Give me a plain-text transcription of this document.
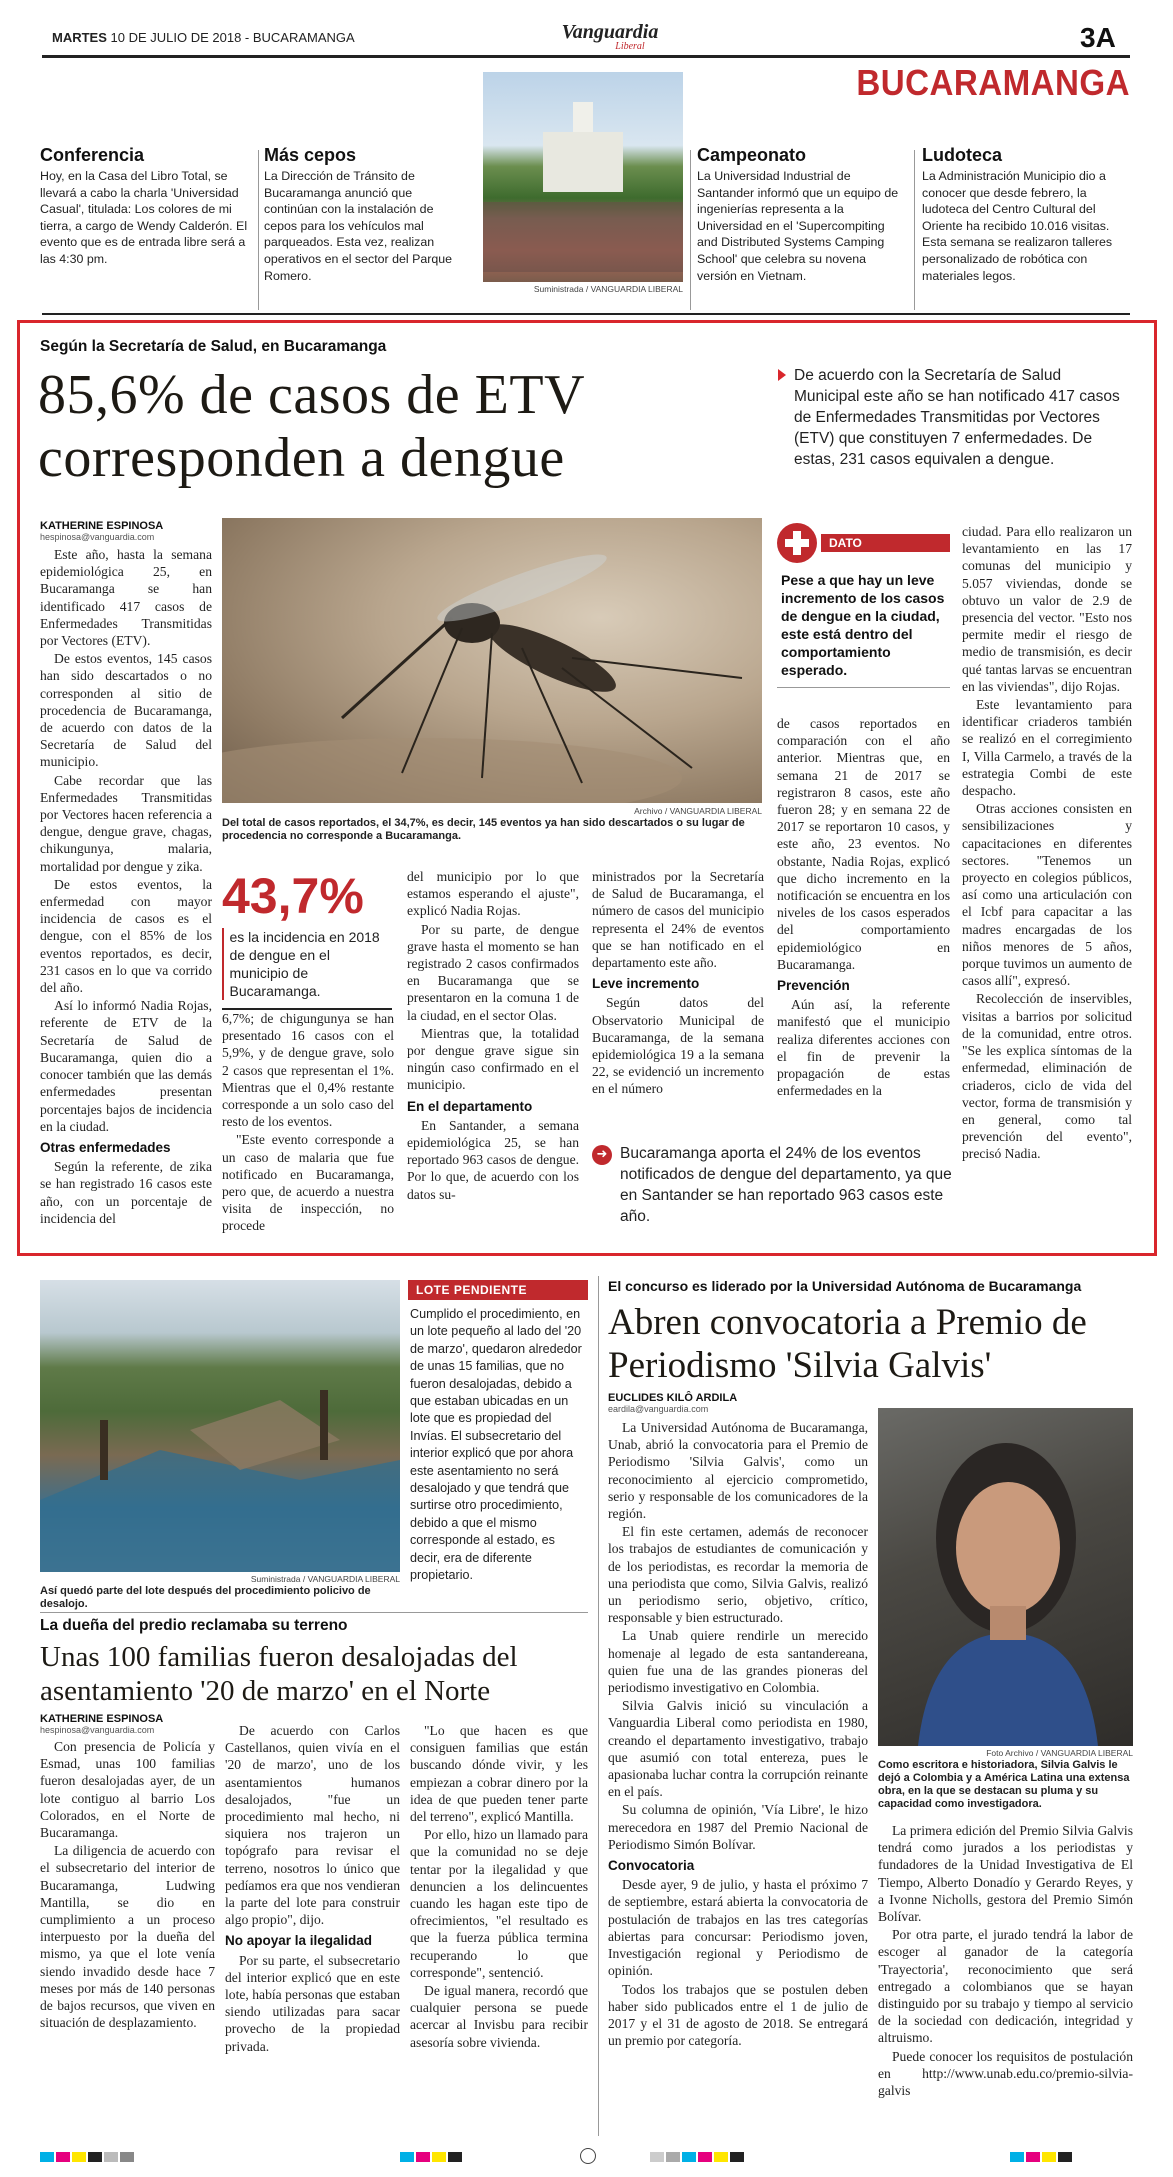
MARTES 10 DE JULIO DE 2018 - BUCARAMANGA	Vanguardia
Liberal	3A
BUCARAMANGA
Conferencia
Hoy, en la Casa del Libro Total, se llevará a cabo la charla 'Universidad Casual', titulada: Los colores de mi tierra, a cargo de Wendy Calderón. El evento que es de entrada libre será a las 4:30 pm.
Más cepos
La Dirección de Tránsito de Bucaramanga anunció que continúan con la instalación de cepos para los vehículos mal parqueados. Esta vez, realizan operativos en el sector del Parque Romero.
Suministrada / VANGUARDIA LIBERAL
Campeonato
La Universidad Industrial de Santander informó que un equipo de ingenierías representa a la Universidad en el 'Supercompiting and Distributed Systems Camping School' que celebra su novena versión en Vietnam.
Ludoteca
La Administración Municipio dio a conocer que desde febrero, la ludoteca del Centro Cultural del Oriente ha recibido 10.016 visitas. Esta semana se realizaron talleres personalizado de robótica con materiales legos.
Según la Secretaría de Salud, en Bucaramanga
85,6% de casos de ETV corresponden a dengue
De acuerdo con la Secretaría de Salud Municipal este año se han notificado 417 casos de Enfermedades Transmitidas por Vectores (ETV) que constituyen 7 enfermedades. De estas, 231 casos equivalen a dengue.
Archivo / VANGUARDIA LIBERAL
Del total de casos reportados, el 34,7%, es decir, 145 eventos ya han sido descartados o su lugar de procedencia no corresponde a Bucaramanga.
KATHERINE ESPINOSA
hespinosa@vanguardia.com

Este año, hasta la semana epidemiológica 25, en Bucaramanga se han identificado 417 casos de Enfermedades Transmitidas por Vectores (ETV).

De estos eventos, 145 casos han sido descartados o no corresponden al sitio de procedencia de Bucaramanga, de acuerdo con datos de la Secretaría de Salud del municipio.

Cabe recordar que las Enfermedades Transmitidas por Vectores hacen referencia a dengue, dengue grave, chagas, chikungunya, malaria, mortalidad por dengue y zika.

De estos eventos, la enfermedad con mayor incidencia de casos es el dengue, con el 85% de los eventos reportados, es decir, 231 casos en lo que va corrido del año.

Así lo informó Nadia Rojas, referente de ETV de la Secretaría de Salud de Bucaramanga, quien dio a conocer también que las demás enfermedades presentan porcentajes bajos de incidencia en la ciudad.

Otras enfermedades

Según la referente, de zika se han registrado 16 casos este año, con un porcentaje de incidencia del

43,7%
es la incidencia en 2018 de dengue en el municipio de Bucaramanga.

6,7%; de chigungunya se han presentado 16 casos con el 5,9%, y de dengue grave, solo 2 casos que representan el 1%. Mientras que el 0,4% restante corresponde a un solo caso del resto de los eventos.

"Este evento corresponde a un caso de malaria que fue notificado en Bucaramanga, pero que, de acuerdo a nuestra visita de inspección, no procede

del municipio por lo que estamos esperando el ajuste", explicó Nadia Rojas.

Por su parte, de dengue grave hasta el momento se han registrado 2 casos confirmados en Bucaramanga que se presentaron en la comuna 1 de la ciudad, en el sector Olas.

Mientras que, la totalidad por dengue grave sigue sin ningún caso confirmado en el municipio.

En el departamento

En Santander, a semana epidemiológica 25, se han reportado 963 casos de dengue. Por lo que, de acuerdo con los datos su-

ministrados por la Secretaría de Salud de Bucaramanga, el número de casos del municipio representa el 24% de eventos que se han notificado en el departamento este año.

Leve incremento

Según datos del Observatorio Municipal de Bucaramanga, de la semana epidemiológica 19 a la semana 22, se evidenció un incremento en el número

DATO
Pese a que hay un leve incremento de los casos de dengue en la ciudad, este está dentro del comportamiento esperado.

de casos reportados en comparación con el año anterior. Mientras que, en semana 21 de 2017 se registraron 8 casos, este año fueron 28; y en semana 22 de 2017 se reportaron 10 casos, y este año, 23 eventos. No obstante, Nadia Rojas, explicó que dicho incremento en la notificación se encuentra en los niveles de los casos esperados del comportamiento epidemiológico en Bucaramanga.

Prevención

Aún así, la referente manifestó que el municipio realiza diferentes acciones con el fin de prevenir la propagación de estas enfermedades en la

ciudad. Para ello realizaron un levantamiento en las 17 comunas del municipio y 5.057 viviendas, donde se obtuvo un valor de 2.9 de presencia del vector. "Esto nos permite medir el riesgo de medio de transmisión, es decir qué tantas larvas se encuentran en las viviendas", dijo Rojas.

Este levantamiento para identificar criaderos también se realizó en el corregimiento I, Villa Carmelo, a través de la estrategia Combi de este despacho.

Otras acciones consisten en sensibilizaciones y capacitaciones en diferentes sectores. "Tenemos un proyecto en colegios públicos, así como una articulación con el Icbf para capacitar a las madres encargadas de los niños menores de 5 años, porque tuvimos un aumento de casos allí", expresó.

Recolección de inservibles, visitas a barrios por solicitud de la comunidad, entre otros. "Se les explica síntomas de la enfermedad, eliminación de criaderos, ciclo de vida del vector, forma de transmisión y en general, como tal prevención del evento", precisó Nadia.

➜ Bucaramanga aporta el 24% de los eventos notificados de dengue del departamento, ya que en Santander se han reportado 963 casos este año.
Suministrada / VANGUARDIA LIBERAL
Así quedó parte del lote después del procedimiento policivo de desalojo.
LOTE PENDIENTE
Cumplido el procedimiento, en un lote pequeño al lado del '20 de marzo', quedaron alrededor de unas 15 familias, que no fueron desalojadas, debido a que estaban ubicadas en un lote que es propiedad del Invías. El subsecretario del interior explicó que por ahora este asentamiento no será desalojado y que tendrá que surtirse otro procedimiento, debido a que el mismo corresponde al estado, es decir, era de diferente propietario.
La dueña del predio reclamaba su terreno
Unas 100 familias fueron desalojadas del asentamiento '20 de marzo' en el Norte
KATHERINE ESPINOSA
hespinosa@vanguardia.com

Con presencia de Policía y Esmad, unas 100 familias fueron desalojadas ayer, de un lote contiguo al barrio Los Colorados, en el Norte de Bucaramanga.

La diligencia de acuerdo con el subsecretario del interior de Bucaramanga, Ludwing Mantilla, se dio en cumplimiento a un proceso interpuesto por la dueña del mismo, ya que el lote venía siendo invadido desde hace 7 meses por más de 140 personas de bajos recursos, que viven en situación de desplazamiento.

De acuerdo con Carlos Castellanos, quien vivía en el '20 de marzo', uno de los asentamientos humanos desalojados, "fue un procedimiento mal hecho, ni siquiera nos trajeron un topógrafo para revisar el terreno, nosotros lo único que pedíamos era que nos vendieran la parte del lote para construir algo propio", dijo.

No apoyar la ilegalidad

Por su parte, el subsecretario del interior explicó que en este lote, había personas que estaban siendo utilizadas para sacar provecho de la propiedad privada.

"Lo que hacen es que consiguen familias que están buscando dónde vivir, y les empiezan a cobrar dinero por la idea de que pueden tener parte del terreno", explicó Mantilla.

Por ello, hizo un llamado para que la comunidad no se deje tentar por la ilegalidad y que denuncien a los delincuentes cuando les hagan este tipo de ofrecimientos, "el resultado es que la fuerza pública termina recuperando lo que corresponde", sentenció.

De igual manera, recordó que cualquier persona se puede acercar al Invisbu para recibir asesoría sobre vivienda.

El concurso es liderado por la Universidad Autónoma de Bucaramanga
Abren convocatoria a Premio de Periodismo 'Silvia Galvis'
EUCLIDES KILÔ ARDILA
eardila@vanguardia.com

La Universidad Autónoma de Bucaramanga, Unab, abrió la convocatoria para el Premio de Periodismo 'Silvia Galvis', como un reconocimiento al ejercicio comprometido, serio y responsable de los comunicadores de la región.

El fin este certamen, además de reconocer los trabajos de estudiantes de comunicación y de los periodistas, es recordar la memoria de una periodista que como, Silvia Galvis, realizó un periodismo serio, objetivo, crítico, responsable y bien estructurado.

La Unab quiere rendirle un merecido homenaje al legado de esta santandereana, quien fue una de las grandes pioneras del periodismo investigativo en Colombia.

Silvia Galvis inició su vinculación a Vanguardia Liberal como periodista en 1980, creando el departamento investigativo, trabajo que asumió con total entereza, pues le apasionaba luchar contra la corrupción reinante en el país.

Su columna de opinión, 'Vía Libre', le hizo merecedora en 1987 del Premio Nacional de Periodismo Simón Bolívar.

Convocatoria

Desde ayer, 9 de julio, y hasta el próximo 7 de septiembre, estará abierta la convocatoria de postulación de trabajos en las tres categorías abiertas para concursar: Periodismo joven, Investigación regional y Periodismo de opinión.

Todos los trabajos que se postulen deben haber sido publicados entre el 1 de julio de 2017 y el 31 de agosto de 2018. Se entregará un premio por categoría.

Foto Archivo / VANGUARDIA LIBERAL
Como escritora e historiadora, Silvia Galvis le dejó a Colombia y a América Latina una extensa obra, en la que se destacan su pluma y su capacidad como investigadora.

La primera edición del Premio Silvia Galvis tendrá como jurados a los periodistas y fundadores de la Unidad Investigativa de El Tiempo, Alberto Donadío y Gerardo Reyes, y a Ivonne Nicholls, gestora del Premio Simón Bolívar.

Por otra parte, el jurado tendrá la labor de escoger al ganador de la categoría 'Trayectoria', reconocimiento que será entregado a colombianos que se hayan distinguido por su trabajo y tiempo al servicio de la sociedad con dedicación, integridad y altruismo.

Puede conocer los requisitos de postulación en http://www.unab.edu.co/premio-silvia-galvis
